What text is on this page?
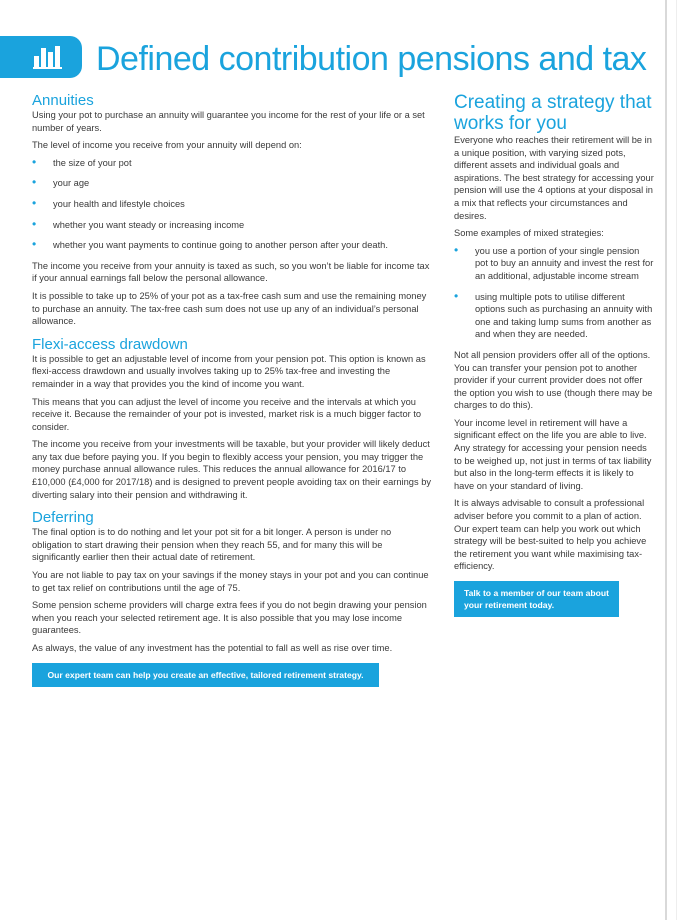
Defined contribution pensions and tax
Annuities

Using your pot to purchase an annuity will guarantee you income for the rest of your life or a set number of years.

The level of income you receive from your annuity will depend on:

• the size of your pot
• your age
• your health and lifestyle choices
• whether you want steady or increasing income
• whether you want payments to continue going to another person after your death.

The income you receive from your annuity is taxed as such, so you won’t be liable for income tax if your annual earnings fall below the personal allowance.

It is possible to take up to 25% of your pot as a tax-free cash sum and use the remaining money to purchase an annuity. The tax-free cash sum does not use up any of an individual’s personal allowance.

Flexi-access drawdown

It is possible to get an adjustable level of income from your pension pot. This option is known as flexi-access drawdown and usually involves taking up to 25% tax-free and investing the remainder in a way that provides you the kind of income you want.

This means that you can adjust the level of income you receive and the intervals at which you receive it. Because the remainder of your pot is invested, market risk is a much bigger factor to consider.

The income you receive from your investments will be taxable, but your provider will likely deduct any tax due before paying you. If you begin to flexibly access your pension, you may trigger the money purchase annual allowance rules. This reduces the annual allowance for 2016/17 to £10,000 (£4,000 for 2017/18) and is designed to prevent people avoiding tax on their earnings by diverting salary into their pension and withdrawing it.

Deferring

The final option is to do nothing and let your pot sit for a bit longer. A person is under no obligation to start drawing their pension when they reach 55, and for many this will be significantly earlier then their actual date of retirement.

You are not liable to pay tax on your savings if the money stays in your pot and you can continue to get tax relief on contributions until the age of 75.

Some pension scheme providers will charge extra fees if you do not begin drawing your pension when you reach your selected retirement age. It is also possible that you may lose income guarantees.

As always, the value of any investment has the potential to fall as well as rise over time.

Our expert team can help you create an effective, tailored retirement strategy.
Creating a strategy that works for you

Everyone who reaches their retirement will be in a unique position, with varying sized pots, different assets and individual goals and aspirations. The best strategy for accessing your pension will use the 4 options at your disposal in a mix that reflects your circumstances and desires.

Some examples of mixed strategies:

• you use a portion of your single pension pot to buy an annuity and invest the rest for an additional, adjustable income stream
• using multiple pots to utilise different options such as purchasing an annuity with one and taking lump sums from another as and when they are needed.

Not all pension providers offer all of the options. You can transfer your pension pot to another provider if your current provider does not offer the option you wish to use (though there may be charges to do this).

Your income level in retirement will have a significant effect on the life you are able to live. Any strategy for accessing your pension needs to be weighed up, not just in terms of tax liability but also in the long-term effects it is likely to have on your standard of living.

It is always advisable to consult a professional adviser before you commit to a plan of action. Our expert team can help you work out which strategy will be best-suited to help you achieve the retirement you want while maximising tax-efficiency.

Talk to a member of our team about your retirement today.
